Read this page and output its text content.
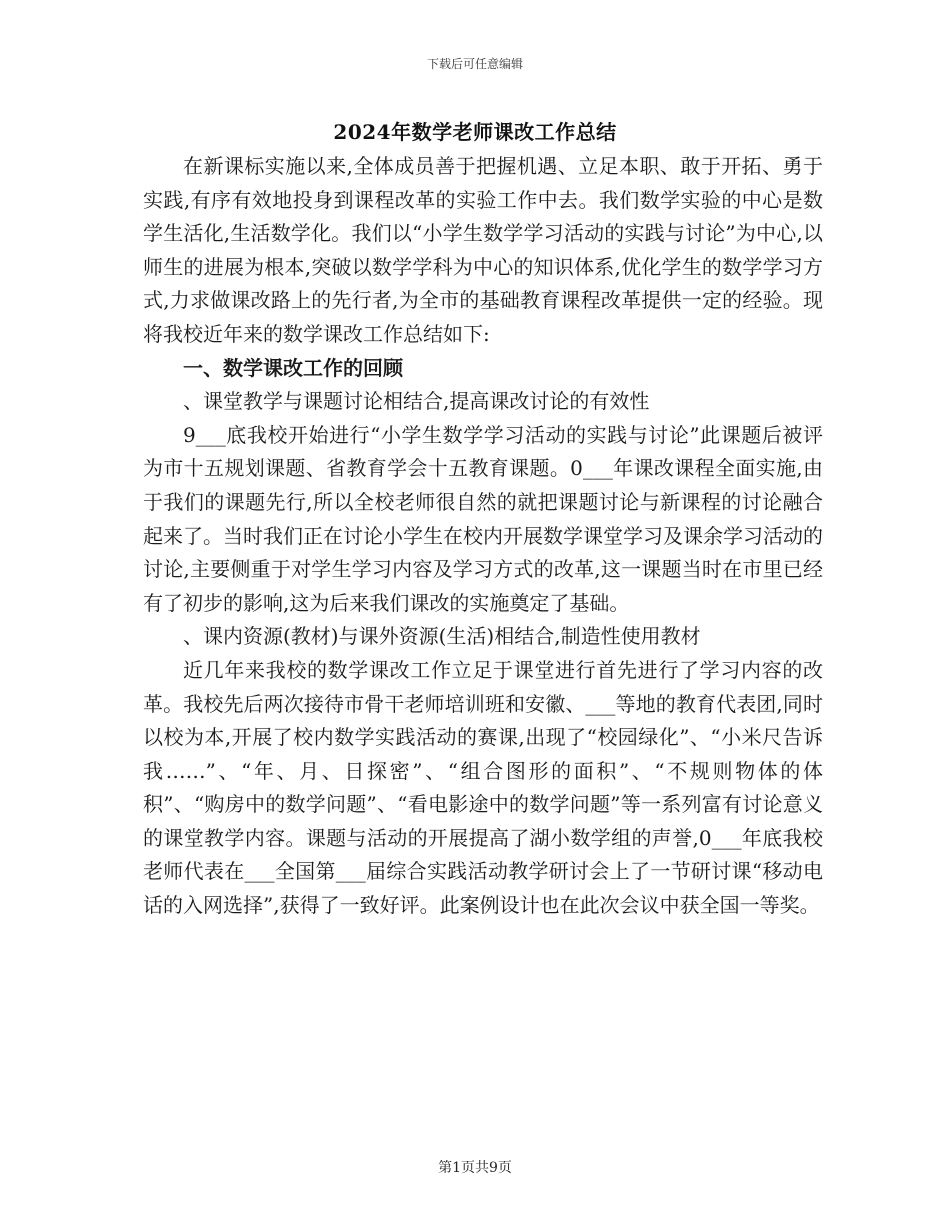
下载后可任意编辑
2024年数学老师课改工作总结

在新课标实施以来,全体成员善于把握机遇、立足本职、敢于开拓、勇于实践,有序有效地投身到课程改革的实验工作中去。我们数学实验的中心是数学生活化,生活数学化。我们以“小学生数学学习活动的实践与讨论”为中心,以师生的进展为根本,突破以数学学科为中心的知识体系,优化学生的数学学习方式,力求做课改路上的先行者,为全市的基础教育课程改革提供一定的经验。现将我校近年来的数学课改工作总结如下:

一、数学课改工作的回顾

、课堂教学与课题讨论相结合,提高课改讨论的有效性

9___底我校开始进行“小学生数学学习活动的实践与讨论”此课题后被评为市十五规划课题、省教育学会十五教育课题。0___年课改课程全面实施,由于我们的课题先行,所以全校老师很自然的就把课题讨论与新课程的讨论融合起来了。当时我们正在讨论小学生在校内开展数学课堂学习及课余学习活动的讨论,主要侧重于对学生学习内容及学习方式的改革,这一课题当时在市里已经有了初步的影响,这为后来我们课改的实施奠定了基础。

、课内资源(教材)与课外资源(生活)相结合,制造性使用教材

近几年来我校的数学课改工作立足于课堂进行首先进行了学习内容的改革。我校先后两次接待市骨干老师培训班和安徽、___等地的教育代表团,同时以校为本,开展了校内数学实践活动的赛课,出现了“校园绿化”、“小米尺告诉我……”、“年、月、日探密”、“组合图形的面积”、“不规则物体的体积”、“购房中的数学问题”、“看电影途中的数学问题”等一系列富有讨论意义的课堂教学内容。课题与活动的开展提高了湖小数学组的声誉,0___年底我校老师代表在___全国第___届综合实践活动教学研讨会上了一节研讨课“移动电话的入网选择”,获得了一致好评。此案例设计也在此次会议中获全国一等奖。

第1页共9页
